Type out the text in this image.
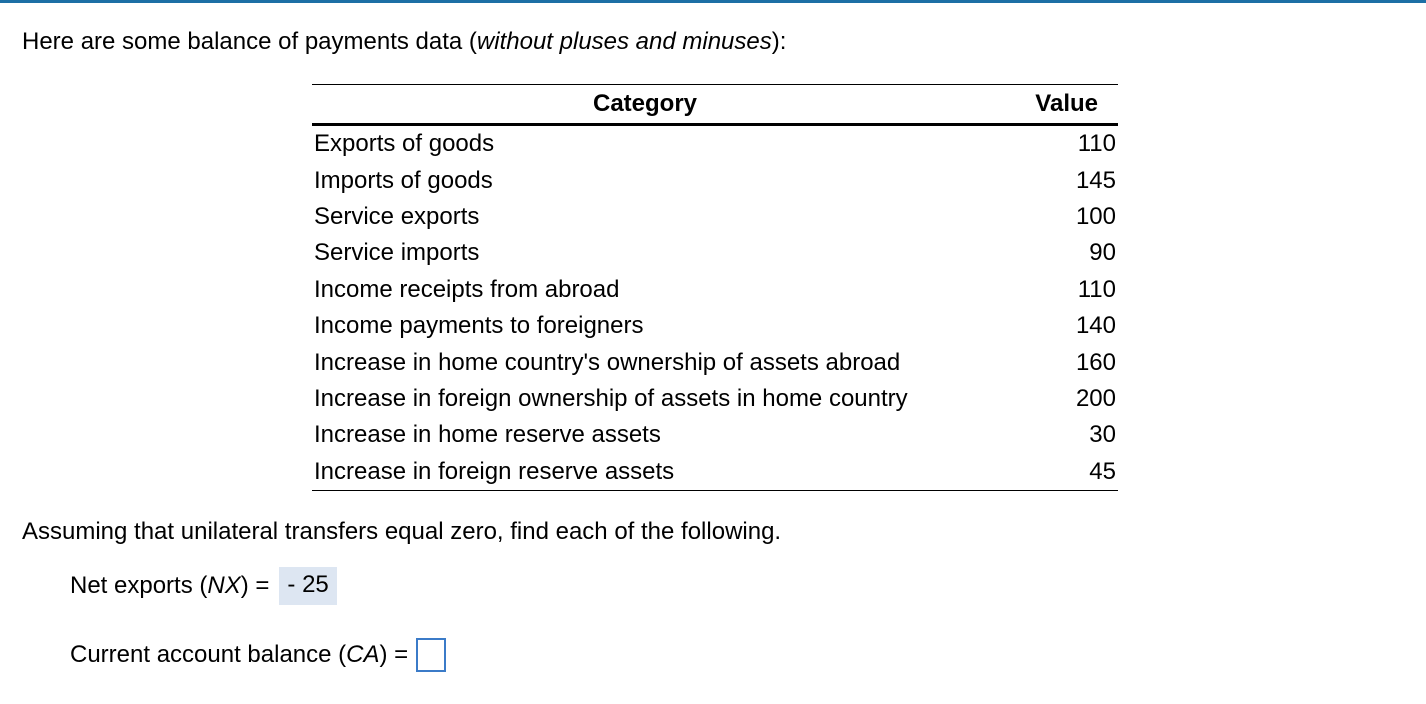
Here are some balance of payments data (without pluses and minuses):
Category	Value
Exports of goods	110
Imports of goods	145
Service exports	100
Service imports	90
Income receipts from abroad	110
Income payments to foreigners	140
Increase in home country's ownership of assets abroad	160
Increase in foreign ownership of assets in home country	200
Increase in home reserve assets	30
Increase in foreign reserve assets	45
Assuming that unilateral transfers equal zero, find each of the following.
Net exports (NX) = - 25
Current account balance (CA) =
